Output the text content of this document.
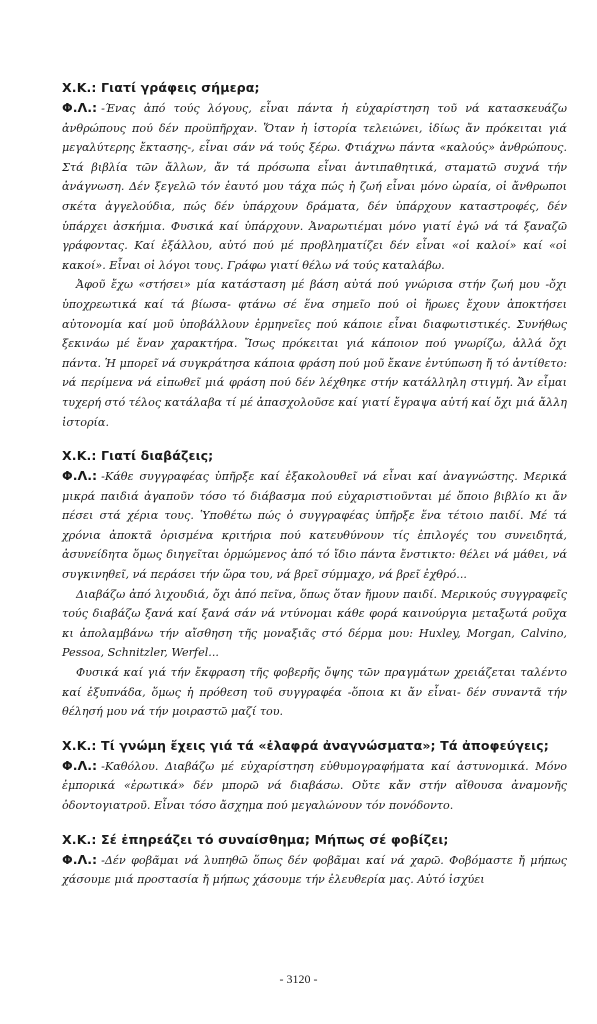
Χ.Κ.: Γιατί γράφεις σήμερα;

Φ.Λ.: -Ένας ἀπό τούς λόγους, εἶναι πάντα ἡ εὐχαρίστηση τοῦ νά κατασκευάζω ἀνθρώπους πού δέν προϋπῆρχαν. Ὅταν ἡ ἱστορία τελειώνει, ἰδίως ἄν πρόκειται γιά μεγαλύτερης ἔκτασης-, εἶναι σάν νά τούς ξέρω. Φτιάχνω πάντα «καλούς» ἀνθρώπους. Στά βιβλία τῶν ἄλλων, ἄν τά πρόσωπα εἶναι ἀντιπαθητικά, σταματῶ συχνά τήν ἀνάγνωση. Δέν ξεγελῶ τόν ἑαυτό μου τάχα πώς ἡ ζωή εἶναι μόνο ὡραία, οἱ ἄνθρωποι σκέτα ἀγγελούδια, πώς δέν ὑπάρχουν δράματα, δέν ὑπάρχουν καταστροφές, δέν ὑπάρχει ἀσκήμια. Φυσικά καί ὑπάρχουν. Ἀναρωτιέμαι μόνο γιατί ἐγώ νά τά ξαναζῶ γράφοντας. Καί ἐξάλλου, αὐτό πού μέ προβληματίζει δέν εἶναι «οἱ καλοί» καί «οἱ κακοί». Εἶναι οἱ λόγοι τους. Γράφω γιατί θέλω νά τούς καταλάβω.

Ἀφοῦ ἔχω «στήσει» μία κατάσταση μέ βάση αὐτά πού γνώρισα στήν ζωή μου -ὄχι ὑποχρεωτικά καί τά βίωσα- φτάνω σέ ἕνα σημεῖο πού οἱ ἥρωες ἔχουν ἀποκτήσει αὐτονομία καί μοῦ ὑποβάλλουν ἑρμηνεῖες πού κάποιε εἶναι διαφωτιστικές. Συνήθως ξεκινάω μέ ἕναν χαρακτήρα. Ἴσως πρόκειται γιά κάποιον πού γνωρίζω, ἀλλά ὄχι πάντα. Ἡ μπορεῖ νά συγκράτησα κάποια φράση πού μοῦ ἔκανε ἐντύπωση ἤ τό ἀντίθετο: νά περίμενα νά εἰπωθεῖ μιά φράση πού δέν λέχθηκε στήν κατάλληλη στιγμή. Ἄν εἶμαι τυχερή στό τέλος κατάλαβα τί μέ ἀπασχολοῦσε καί γιατί ἔγραψα αὐτή καί ὄχι μιά ἄλλη ἱστορία.

Χ.Κ.: Γιατί διαβάζεις;

Φ.Λ.: -Κάθε συγγραφέας ὑπῆρξε καί ἐξακολουθεῖ νά εἶναι καί ἀναγνώστης. Μερικά μικρά παιδιά ἀγαποῦν τόσο τό διάβασμα πού εὐχαριστιοῦνται μέ ὅποιο βιβλίο κι ἄν πέσει στά χέρια τους. Ὑποθέτω πώς ὁ συγγραφέας ὑπῆρξε ἕνα τέτοιο παιδί. Μέ τά χρόνια ἀποκτᾶ ὁρισμένα κριτήρια πού κατευθύνουν τίς ἐπιλογές του συνειδητά, ἀσυνείδητα ὅμως διηγεῖται ὁρμώμενος ἀπό τό ἴδιο πάντα ἔνστικτο: θέλει νά μάθει, νά συγκινηθεῖ, νά περάσει τήν ὥρα του, νά βρεῖ σύμμαχο, νά βρεῖ ἐχθρό...

Διαβάζω ἀπό λιχουδιά, ὄχι ἀπό πεῖνα, ὅπως ὅταν ἤμουν παιδί. Μερικούς συγγραφεῖς τούς διαβάζω ξανά καί ξανά σάν νά ντύνομαι κάθε φορά καινούργια μεταξωτά ροῦχα κι ἀπολαμβάνω τήν αἴσθηση τῆς μοναξιᾶς στό δέρμα μου: Huxley, Morgan, Calvino, Pessoa, Schnitzler, Werfel...

Φυσικά καί γιά τήν ἔκφραση τῆς φοβερῆς ὄψης τῶν πραγμάτων χρειάζεται ταλέντο καί ἐξυπνάδα, ὅμως ἡ πρόθεση τοῦ συγγραφέα -ὅποια κι ἄν εἶναι- δέν συναντᾶ τήν θέλησή μου νά τήν μοιραστῶ μαζί του.

Χ.Κ.: Τί γνώμη ἔχεις γιά τά «ἐλαφρά ἀναγνώσματα»; Τά ἀποφεύγεις;

Φ.Λ.: -Καθόλου. Διαβάζω μέ εὐχαρίστηση εὐθυμογραφήματα καί ἀστυνομικά. Μόνο ἐμπορικά «ἐρωτικά» δέν μπορῶ νά διαβάσω. Οὔτε κἄν στήν αἴθουσα ἀναμονῆς ὀδοντογιατροῦ. Εἶναι τόσο ἄσχημα πού μεγαλώνουν τόν πονόδοντο.

Χ.Κ.: Σέ ἐπηρεάζει τό συναίσθημα; Μήπως σέ φοβίζει;

Φ.Λ.: -Δέν φοβᾶμαι νά λυπηθῶ ὅπως δέν φοβᾶμαι καί νά χαρῶ. Φοβόμαστε ἤ μήπως χάσουμε μιά προστασία ἤ μήπως χάσουμε τήν ἐλευθερία μας. Αὐτό ἰσχύει

- 3120 -
